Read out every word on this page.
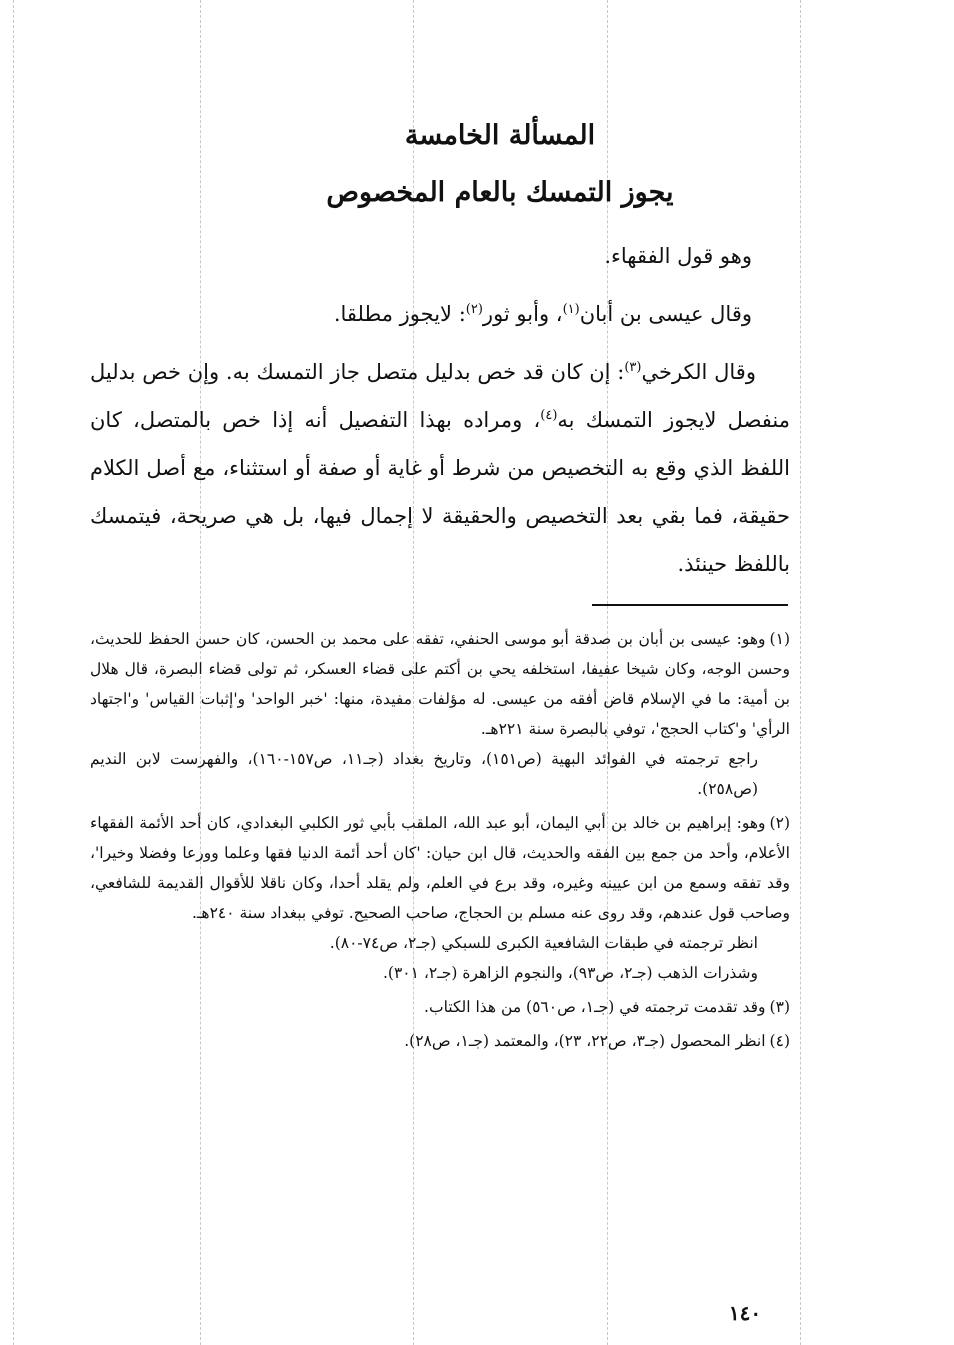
المسألة الخامسة
يجوز التمسك بالعام المخصوص

وهو قول الفقهاء.

وقال عيسى بن أبان$^{(١)}$، وأبو ثور$^{(٢)}$: لايجوز مطلقا.

وقال الكرخي$^{(٣)}$: إن كان قد خص بدليل متصل جاز التمسك به. وإن خص بدليل منفصل لايجوز التمسك به$^{(٤)}$، ومراده بهذا التفصيل أنه إذا خص بالمتصل، كان اللفظ الذي وقع به التخصيص من شرط أو غاية أو صفة أو استثناء، مع أصل الكلام حقيقة، فما بقي بعد التخصيص والحقيقة لا إجمال فيها، بل هي صريحة، فيتمسك باللفظ حينئذ.

(١)وهو: عيسى بن أبان بن صدقة أبو موسى الحنفي، تفقه على محمد بن الحسن، كان حسن الحفظ للحديث، وحسن الوجه، وكان شيخا عفيفا، استخلفه يحي بن أكتم على قضاء العسكر، ثم تولى قضاء البصرة، قال هلال بن أمية: ما في الإسلام قاض أفقه من عيسى. له مؤلفات مفيدة، منها: 'خبر الواحد' و'إثبات القياس' و'اجتهاد الرأي' و'كتاب الحجج'، توفي بالبصرة سنة ٢٢١هـ.
راجع ترجمته في الفوائد البهية (ص١٥١)، وتاريخ بغداد (جـ١١، ص١٥٧-١٦٠)، والفهرست لابن النديم (ص٢٥٨).
(٢)وهو: إبراهيم بن خالد بن أبي اليمان، أبو عبد الله، الملقب بأبي ثور الكلبي البغدادي، كان أحد الأئمة الفقهاء الأعلام، وأحد من جمع بين الفقه والحديث، قال ابن حيان: 'كان أحد أئمة الدنيا فقها وعلما وورعا وفضلا وخيرا'، وقد تفقه وسمع من ابن عيينه وغيره، وقد برع في العلم، ولم يقلد أحدا، وكان ناقلا للأقوال القديمة للشافعي، وصاحب قول عندهم، وقد روى عنه مسلم بن الحجاج، صاحب الصحيح. توفي ببغداد سنة ٢٤٠هـ.
انظر ترجمته في طبقات الشافعية الكبرى للسبكي (جـ٢، ص٧٤-٨٠).
وشذرات الذهب (جـ٢، ص٩٣)، والنجوم الزاهرة (جـ٢، ٣٠١).
(٣)وقد تقدمت ترجمته في (جـ١، ص٥٦٠) من هذا الكتاب.
(٤)انظر المحصول (جـ٣، ص٢٢، ٢٣)، والمعتمد (جـ١، ص٢٨).
١٤٠
